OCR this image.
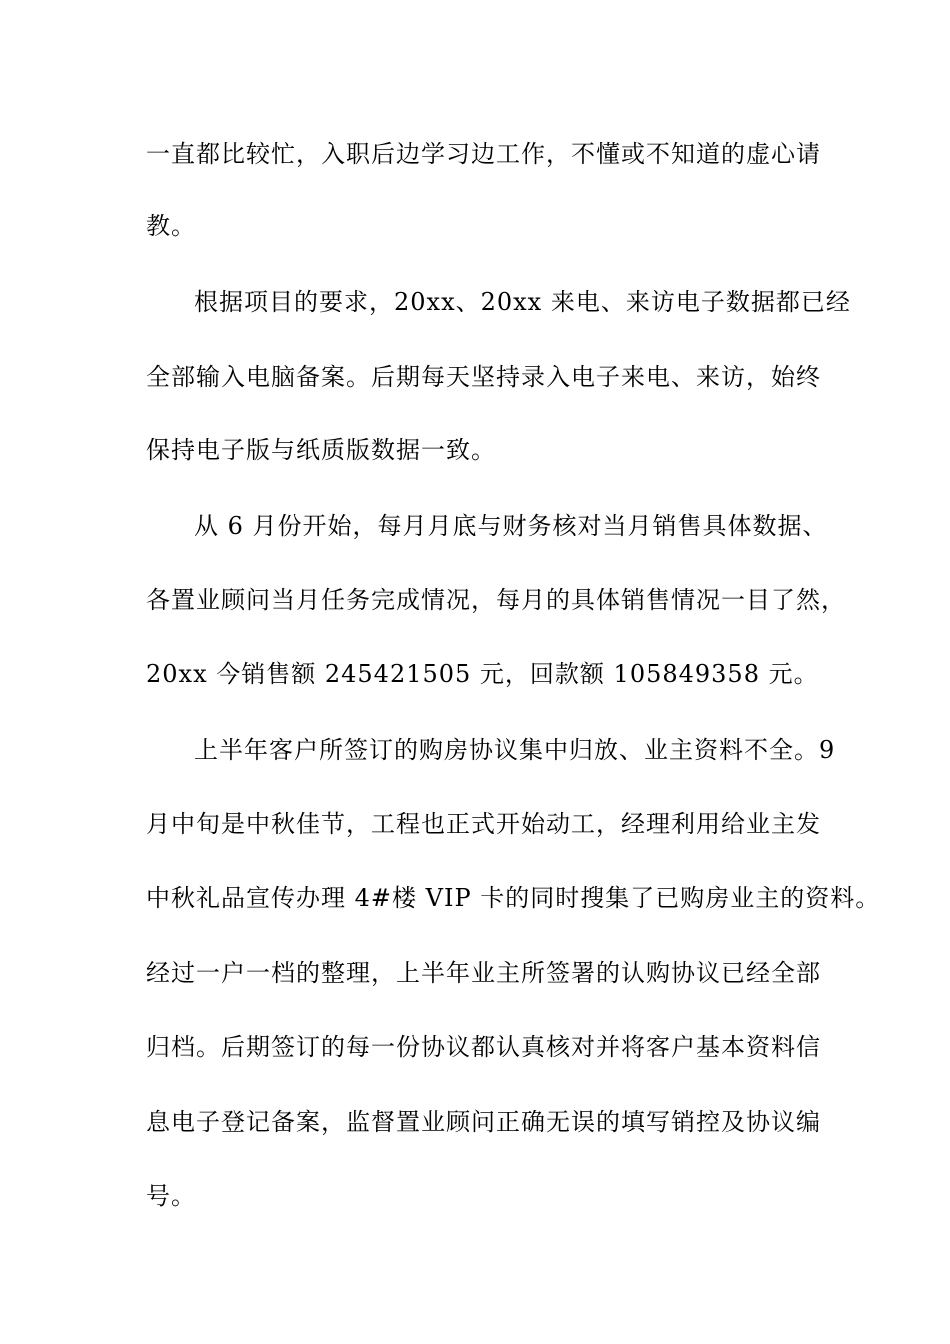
一直都比较忙，入职后边学习边工作，不懂或不知道的虚心请
教。
根据项目的要求，20xx、20xx 来电、来访电子数据都已经
全部输入电脑备案。后期每天坚持录入电子来电、来访，始终
保持电子版与纸质版数据一致。
从 6 月份开始，每月月底与财务核对当月销售具体数据、
各置业顾问当月任务完成情况，每月的具体销售情况一目了然，
20xx 今销售额 245421505 元，回款额 105849358 元。
上半年客户所签订的购房协议集中归放、业主资料不全。9
月中旬是中秋佳节，工程也正式开始动工，经理利用给业主发
中秋礼品宣传办理 4#楼 VIP 卡的同时搜集了已购房业主的资料。
经过一户一档的整理，上半年业主所签署的认购协议已经全部
归档。后期签订的每一份协议都认真核对并将客户基本资料信
息电子登记备案，监督置业顾问正确无误的填写销控及协议编
号。
